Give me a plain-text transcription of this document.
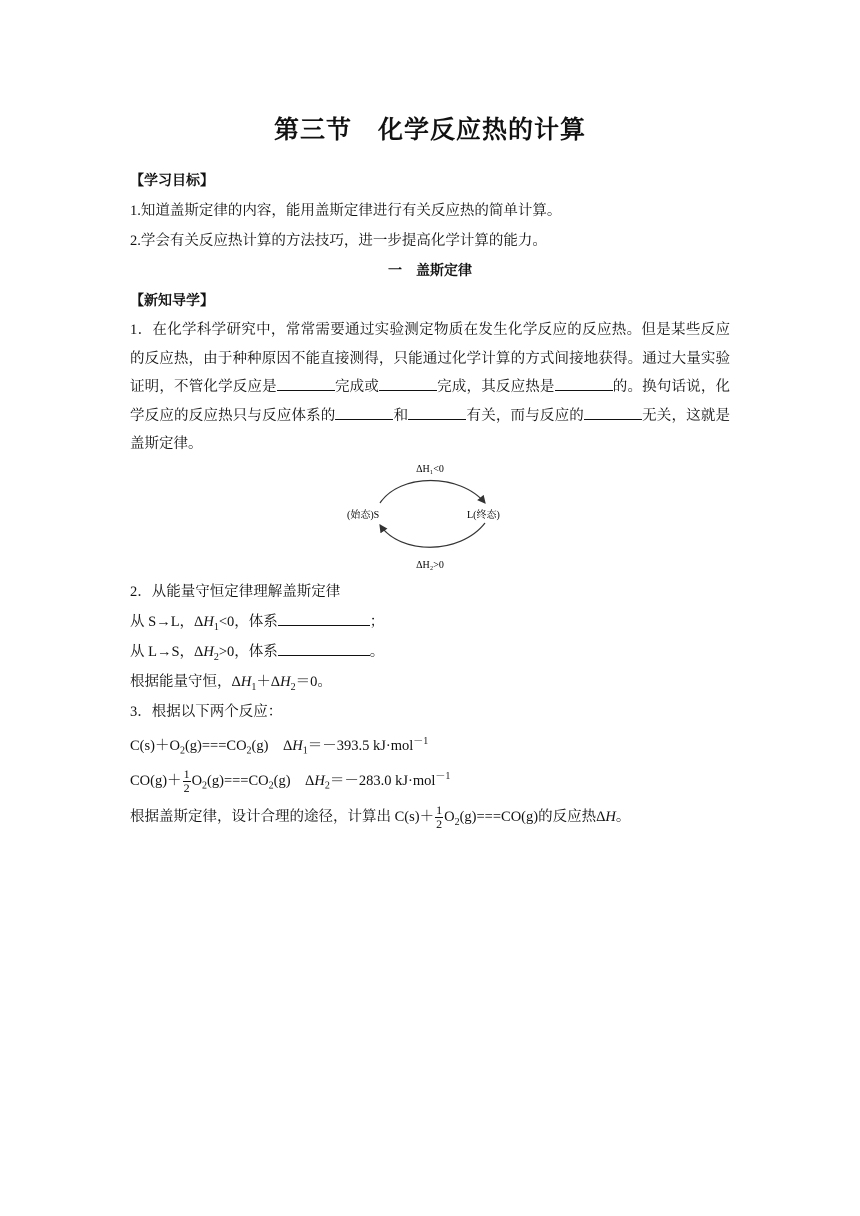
第三节 化学反应热的计算
【学习目标】
1.知道盖斯定律的内容，能用盖斯定律进行有关反应热的简单计算。
2.学会有关反应热计算的方法技巧，进一步提高化学计算的能力。
一　盖斯定律
【新知导学】

1．在化学科学研究中，常常需要通过实验测定物质在发生化学反应的反应热。但是某些反应的反应热，由于种种原因不能直接测得，只能通过化学计算的方式间接地获得。通过大量实验证明，不管化学反应是	完成或	完成，其反应热是	的。换句话说，化学反应的反应热只与反应体系的	和	有关，而与反应的	无关，这就是盖斯定律。

ΔH₁<0
ΔH₂>0
(始态)S	L(终态)
2．从能量守恒定律理解盖斯定律
从 S→L，$\Delta H_1<0$，体系	；
从 L→S，$\Delta H_2>0$，体系	。
根据能量守恒，$\Delta H_1+\Delta H_2=0$。
3．根据以下两个反应：
$C(s)+O_2(g)===CO_2(g)$　$\Delta H_1=-393.5$ kJ·mol$^{-1}$
$CO(g)+ \frac{1}{2} O_2(g)===CO_2(g)$　$\Delta H_2=-283.0$ kJ·mol$^{-1}$
根据盖斯定律，设计合理的途径，计算出 $C(s)+ \frac{1}{2} O_2(g)===CO(g)$的反应热ΔH。
